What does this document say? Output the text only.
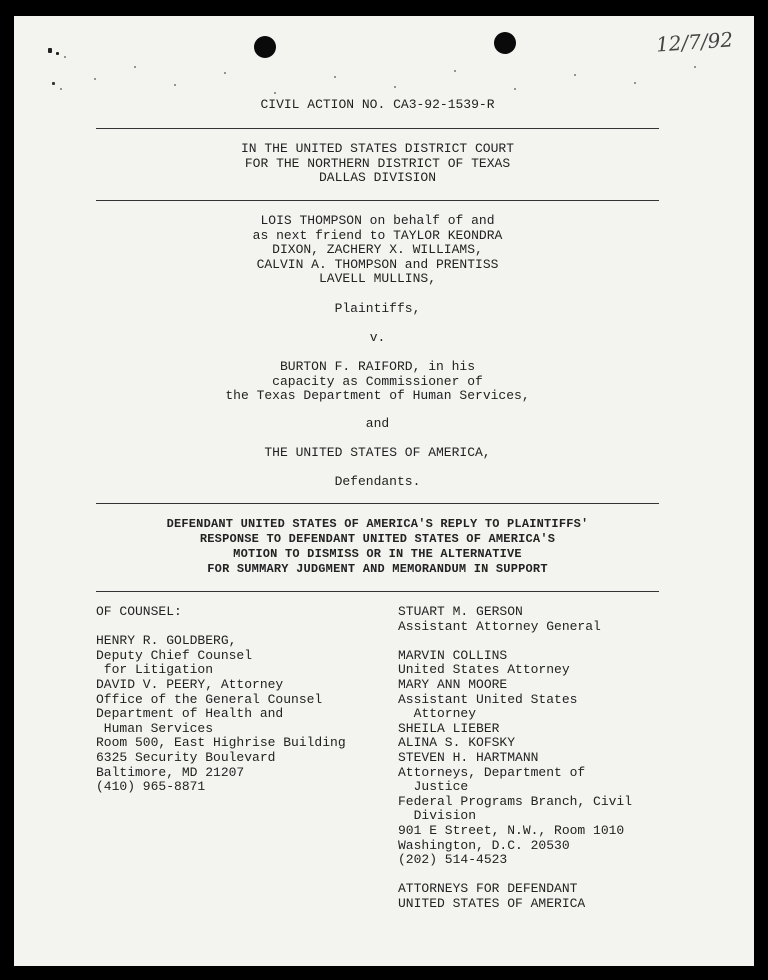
12/7/92
CIVIL ACTION NO. CA3-92-1539-R
IN THE UNITED STATES DISTRICT COURT
FOR THE NORTHERN DISTRICT OF TEXAS
DALLAS DIVISION
LOIS THOMPSON on behalf of and
as next friend to TAYLOR KEONDRA
DIXON, ZACHERY X. WILLIAMS,
CALVIN A. THOMPSON and PRENTISS
LAVELL MULLINS,
Plaintiffs,
v.
BURTON F. RAIFORD, in his
capacity as Commissioner of
the Texas Department of Human Services,
and
THE UNITED STATES OF AMERICA,
Defendants.
DEFENDANT UNITED STATES OF AMERICA'S REPLY TO PLAINTIFFS'
RESPONSE TO DEFENDANT UNITED STATES OF AMERICA'S
MOTION TO DISMISS OR IN THE ALTERNATIVE
FOR SUMMARY JUDGMENT AND MEMORANDUM IN SUPPORT
OF COUNSEL:
HENRY R. GOLDBERG,
Deputy Chief Counsel
for Litigation
DAVID V. PEERY, Attorney
Office of the General Counsel
Department of Health and
Human Services
Room 500, East Highrise Building
6325 Security Boulevard
Baltimore, MD 21207
(410) 965-8871
STUART M. GERSON
Assistant Attorney General
MARVIN COLLINS
United States Attorney
MARY ANN MOORE
Assistant United States
Attorney
SHEILA LIEBER
ALINA S. KOFSKY
STEVEN H. HARTMANN
Attorneys, Department of
Justice
Federal Programs Branch, Civil
Division
901 E Street, N.W., Room 1010
Washington, D.C. 20530
(202) 514-4523
ATTORNEYS FOR DEFENDANT
UNITED STATES OF AMERICA
